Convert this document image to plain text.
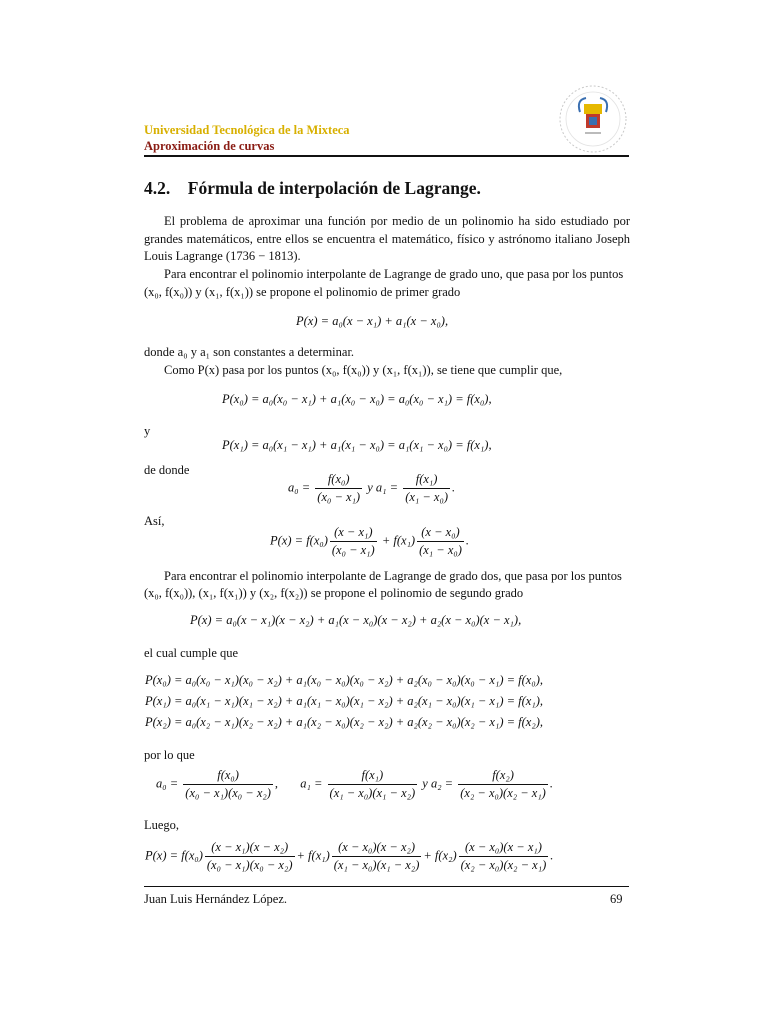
Universidad Tecnológica de la Mixteca
Aproximación de curvas
4.2.    Fórmula de interpolación de Lagrange.
El problema de aproximar una función por medio de un polinomio ha sido estudiado por grandes matemáticos, entre ellos se encuentra el matemático, físico y astrónomo italiano Joseph Louis Lagrange (1736 − 1813).
Para encontrar el polinomio interpolante de Lagrange de grado uno, que pasa por los puntos
(x₀, f(x₀)) y (x₁, f(x₁)) se propone el polinomio de primer grado
P(x) = a₀(x − x₁) + a₁(x − x₀),
donde a₀ y a₁ son constantes a determinar.
Como P(x) pasa por los puntos (x₀, f(x₀)) y (x₁, f(x₁)), se tiene que cumplir que,
P(x₀) = a₀(x₀ − x₁) + a₁(x₀ − x₀) = a₀(x₀ − x₁) = f(x₀),
y
P(x₁) = a₀(x₁ − x₁) + a₁(x₁ − x₀) = a₁(x₁ − x₀) = f(x₁),
de donde
$a_0 = \frac{\text{f(x₀)}}{\text{(x₀ − x₁)}}$ y $a_1 = \frac{\text{f(x₁)}}{\text{(x₁ − x₀)}}$ .
Así,
$P(x) = f(x_0) \frac{\text{(x − x₁)}}{\text{(x₀ − x₁)}} + f(x_1) \frac{\text{(x − x₀)}}{\text{(x₁ − x₀)}}$ .
Para encontrar el polinomio interpolante de Lagrange de grado dos, que pasa por los puntos
(x₀, f(x₀)), (x₁, f(x₁)) y (x₂, f(x₂)) se propone el polinomio de segundo grado
P(x) = a₀(x − x₁)(x − x₂) + a₁(x − x₀)(x − x₂) + a₂(x − x₀)(x − x₁),
el cual cumple que
P(x₀) = a₀(x₀ − x₁)(x₀ − x₂) + a₁(x₀ − x₀)(x₀ − x₂) + a₂(x₀ − x₀)(x₀ − x₁) = f(x₀),
P(x₁) = a₀(x₁ − x₁)(x₁ − x₂) + a₁(x₁ − x₀)(x₁ − x₂) + a₂(x₁ − x₀)(x₁ − x₁) = f(x₁),
P(x₂) = a₀(x₂ − x₁)(x₂ − x₂) + a₁(x₂ − x₀)(x₂ − x₂) + a₂(x₂ − x₀)(x₂ − x₁) = f(x₂),
por lo que
$a_0 = \frac{\text{f(x₀)}}{\text{(x₀ − x₁)(x₀ − x₂)}}$ , $a_1 = \frac{\text{f(x₁)}}{\text{(x₁ − x₀)(x₁ − x₂)}}$ y $a_2 = \frac{\text{f(x₂)}}{\text{(x₂ − x₀)(x₂ − x₁)}}$ .
Luego,
$P(x) = f(x_0) \frac{\text{(x − x₁)(x − x₂)}}{\text{(x₀ − x₁)(x₀ − x₂)}} + f(x_1) \frac{\text{(x − x₀)(x − x₂)}}{\text{(x₁ − x₀)(x₁ − x₂)}} + f(x_2) \frac{\text{(x − x₀)(x − x₁)}}{\text{(x₂ − x₀)(x₂ − x₁)}}$ .
Juan Luis Hernández López.	69
